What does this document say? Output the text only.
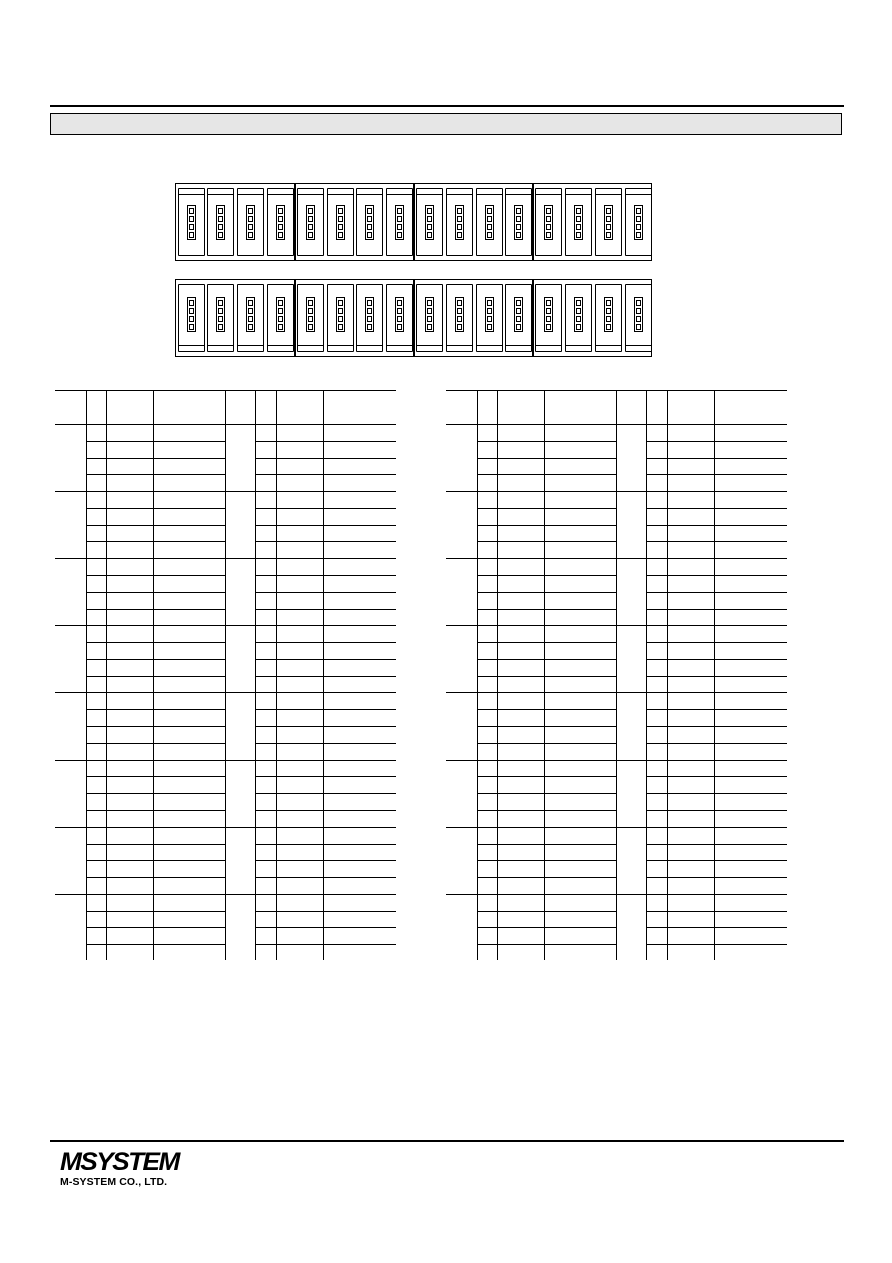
MSYSTEM
M-SYSTEM CO., LTD.
